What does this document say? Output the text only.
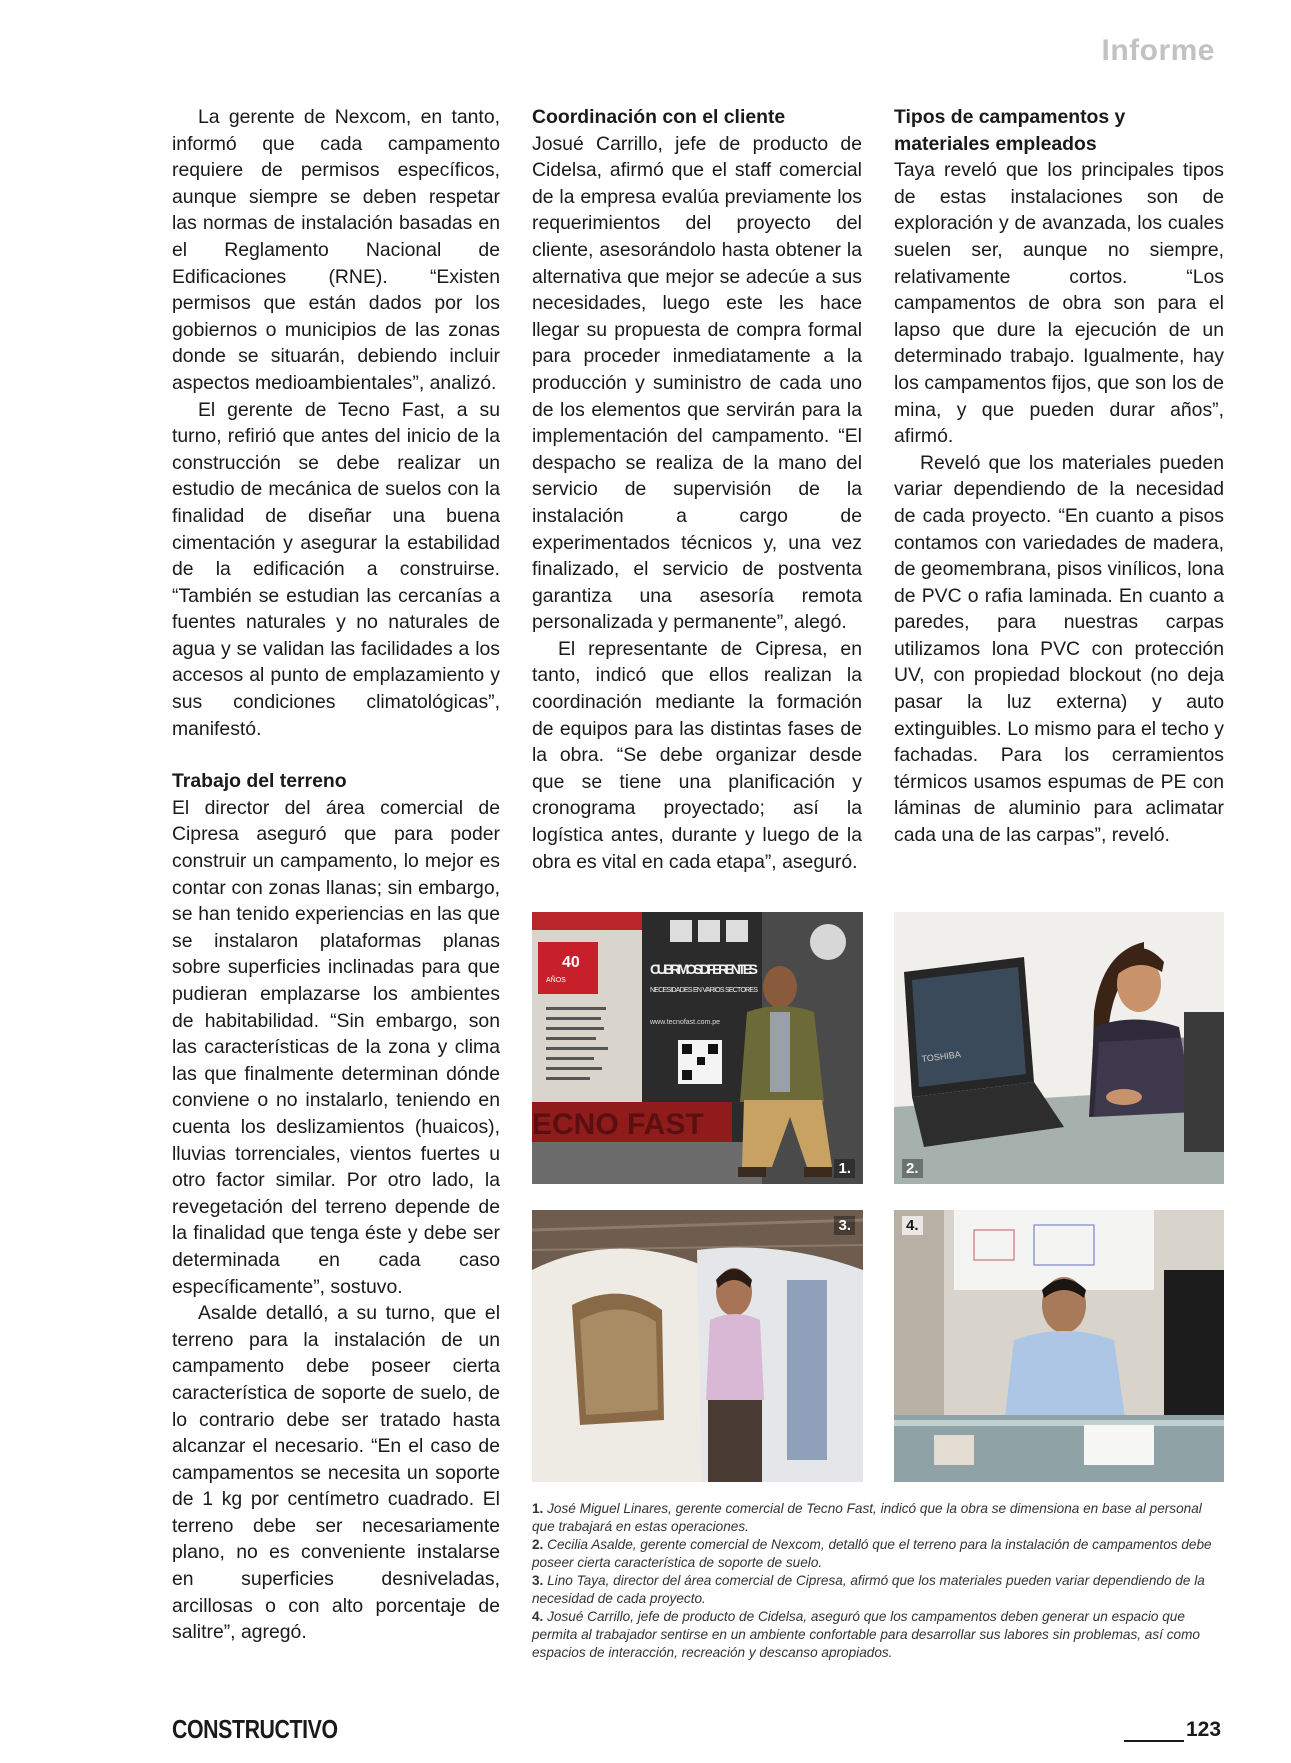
Informe

La gerente de Nexcom, en tanto, informó que cada campamento requiere de permisos específicos, aunque siempre se deben respetar las normas de instalación basadas en el Reglamento Nacional de Edificaciones (RNE). “Existen permisos que están dados por los gobiernos o municipios de las zonas donde se situarán, debiendo incluir aspectos medioambientales”, analizó.

El gerente de Tecno Fast, a su turno, refirió que antes del inicio de la construcción se debe realizar un estudio de mecánica de suelos con la finalidad de diseñar una buena cimentación y asegurar la estabilidad de la edificación a construirse. “También se estudian las cercanías a fuentes naturales y no naturales de agua y se validan las facilidades a los accesos al punto de emplazamiento y sus condiciones climatológicas”, manifestó.

Trabajo del terreno

El director del área comercial de Cipresa aseguró que para poder construir un campamento, lo mejor es contar con zonas llanas; sin embargo, se han tenido experiencias en las que se instalaron plataformas planas sobre superficies inclinadas para que pudieran emplazarse los ambientes de habitabilidad. “Sin embargo, son las características de la zona y clima las que finalmente determinan dónde conviene o no instalarlo, teniendo en cuenta los deslizamientos (huaicos), lluvias torrenciales, vientos fuertes u otro factor similar. Por otro lado, la revegetación del terreno depende de la finalidad que tenga éste y debe ser determinada en cada caso específicamente”, sostuvo.

Asalde detalló, a su turno, que el terreno para la instalación de un campamento debe poseer cierta característica de soporte de suelo, de lo contrario debe ser tratado hasta alcanzar el necesario. “En el caso de campamentos se necesita un soporte de 1 kg por centímetro cuadrado. El terreno debe ser necesariamente plano, no es conveniente instalarse en superficies desniveladas, arcillosas o con alto porcentaje de salitre”, agregó.

Coordinación con el cliente

Josué Carrillo, jefe de producto de Cidelsa, afirmó que el staff comercial de la empresa evalúa previamente los requerimientos del proyecto del cliente, asesorándolo hasta obtener la alternativa que mejor se adecúe a sus necesidades, luego este les hace llegar su propuesta de compra formal para proceder inmediatamente a la producción y suministro de cada uno de los elementos que servirán para la implementación del campamento. “El despacho se realiza de la mano del servicio de supervisión de la instalación a cargo de experimentados técnicos y, una vez finalizado, el servicio de postventa garantiza una asesoría remota personalizada y permanente”, alegó.

El representante de Cipresa, en tanto, indicó que ellos realizan la coordinación mediante la formación de equipos para las distintas fases de la obra. “Se debe organizar desde que se tiene una planificación y cronograma proyectado; así la logística antes, durante y luego de la obra es vital en cada etapa”, aseguró.

Tipos de campamentos y materiales empleados

Taya reveló que los principales tipos de estas instalaciones son de exploración y de avanzada, los cuales suelen ser, aunque no siempre, relativamente cortos. “Los campamentos de obra son para el lapso que dure la ejecución de un determinado trabajo. Igualmente, hay los campamentos fijos, que son los de mina, y que pueden durar años”, afirmó.

Reveló que los materiales pueden variar dependiendo de la necesidad de cada proyecto. “En cuanto a pisos contamos con variedades de madera, de geomembrana, pisos vinílicos, lona de PVC o rafia laminada. En cuanto a paredes, para nuestras carpas utilizamos lona PVC con protección UV, con propiedad blockout (no deja pasar la luz externa) y auto extinguibles. Lo mismo para el techo y fachadas. Para los cerramientos térmicos usamos espumas de PE con láminas de aluminio para aclimatar cada una de las carpas”, reveló.

40
AÑOS
CUBRIMOS DIFERENTES
NECESIDADES EN VARIOS SECTORES
www.tecnofast.com.pe
ECNO FAST
1.
TOSHIBA
2.
3.	4.

1. José Miguel Linares, gerente comercial de Tecno Fast, indicó que la obra se dimensiona en base al personal que trabajará en estas operaciones.

2. Cecilia Asalde, gerente comercial de Nexcom, detalló que el terreno para la instalación de campamentos debe poseer cierta característica de soporte de suelo.

3. Lino Taya, director del área comercial de Cipresa, afirmó que los materiales pueden variar dependiendo de la necesidad de cada proyecto.

4. Josué Carrillo, jefe de producto de Cidelsa, aseguró que los campamentos deben generar un espacio que permita al trabajador sentirse en un ambiente confortable para desarrollar sus labores sin problemas, así como espacios de interacción, recreación y descanso apropiados.

CONSTRUCTIVO	123
